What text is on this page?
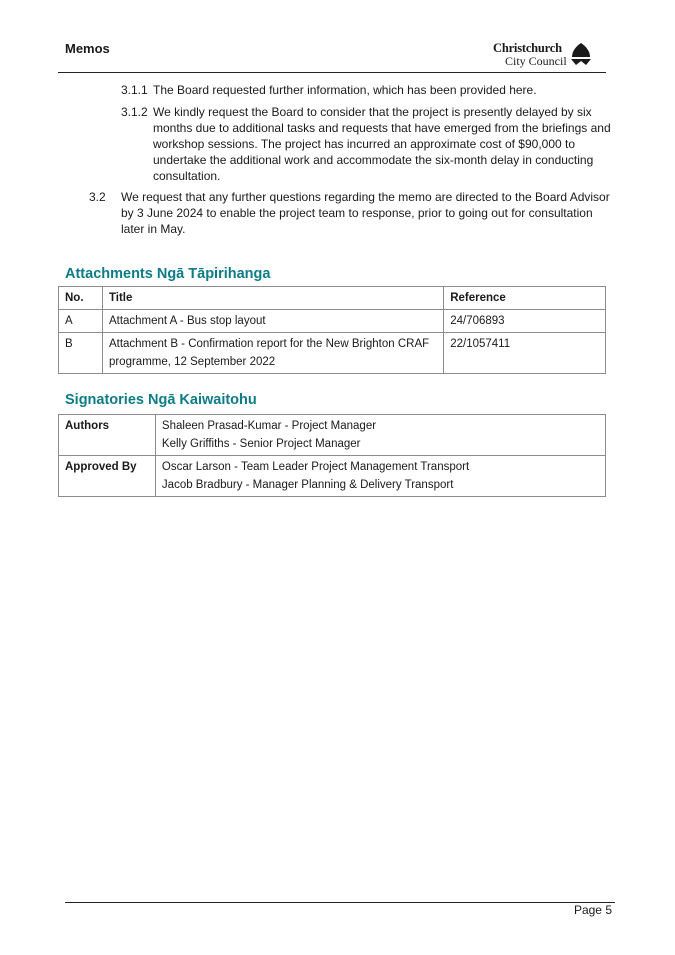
Memos	Christchurch
City Council
3.1.1 The Board requested further information, which has been provided here.
3.1.2 We kindly request the Board to consider that the project is presently delayed by six months due to additional tasks and requests that have emerged from the briefings and workshop sessions. The project has incurred an approximate cost of $90,000 to undertake the additional work and accommodate the six-month delay in conducting consultation.
3.2 We request that any further questions regarding the memo are directed to the Board Advisor by 3 June 2024 to enable the project team to response, prior to going out for consultation later in May.
Attachments Ngā Tāpirihanga
No.	Title	Reference
A	Attachment A - Bus stop layout	24/706893
B	Attachment B - Confirmation report for the New Brighton CRAF programme, 12 September 2022	22/1057411
Signatories Ngā Kaiwaitohu
Authors	Shaleen Prasad-Kumar - Project Manager
Kelly Griffiths - Senior Project Manager

Approved By	Oscar Larson - Team Leader Project Management Transport
Jacob Bradbury - Manager Planning & Delivery Transport
Page 5
